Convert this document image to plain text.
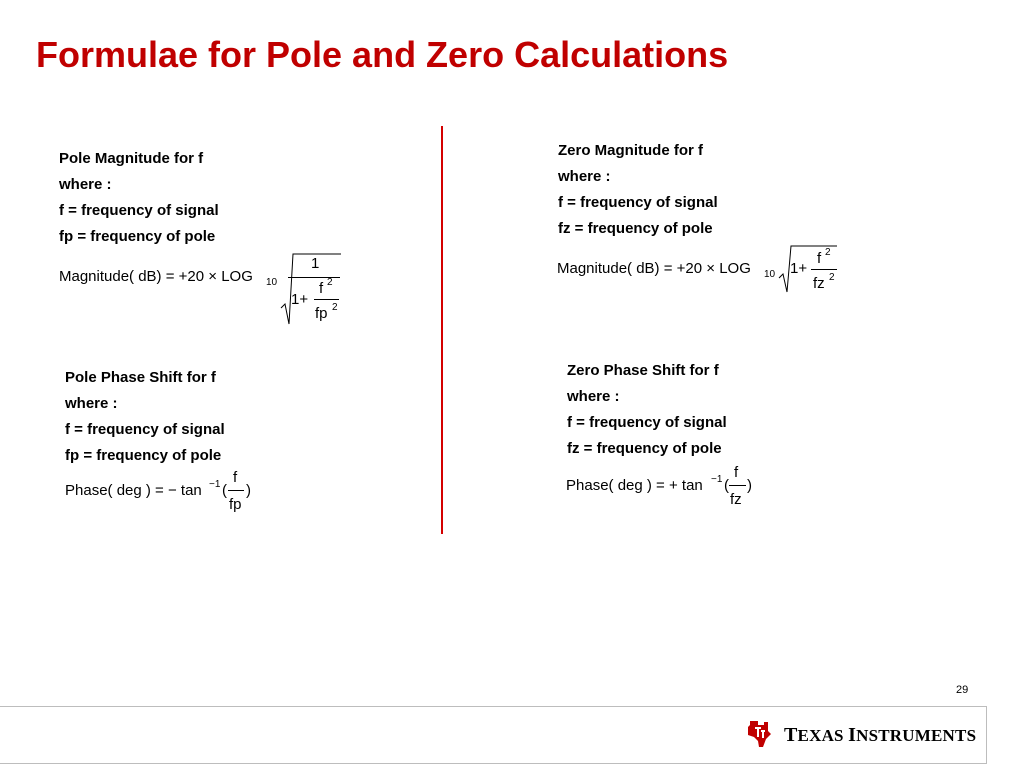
Formulae for Pole and Zero Calculations
Pole Magnitude for f
where :
f = frequency of signal
fp = frequency of pole
Magnitude( dB) = +20 × LOG 10
1
1+
f 2
fp 2
Zero Magnitude for f
where :
f = frequency of signal
fz = frequency of pole
Magnitude( dB) = +20 × LOG 10 1+
f 2
fz 2
Pole Phase Shift for f
where :
f = frequency of signal
fp = frequency of pole
Phase( deg ) = − tan −1 (
f
fp
)
Zero Phase Shift for f
where :
f = frequency of signal
fz = frequency of pole
Phase( deg ) = + tan −1 (
f
fz
)
29
TEXAS INSTRUMENTS
